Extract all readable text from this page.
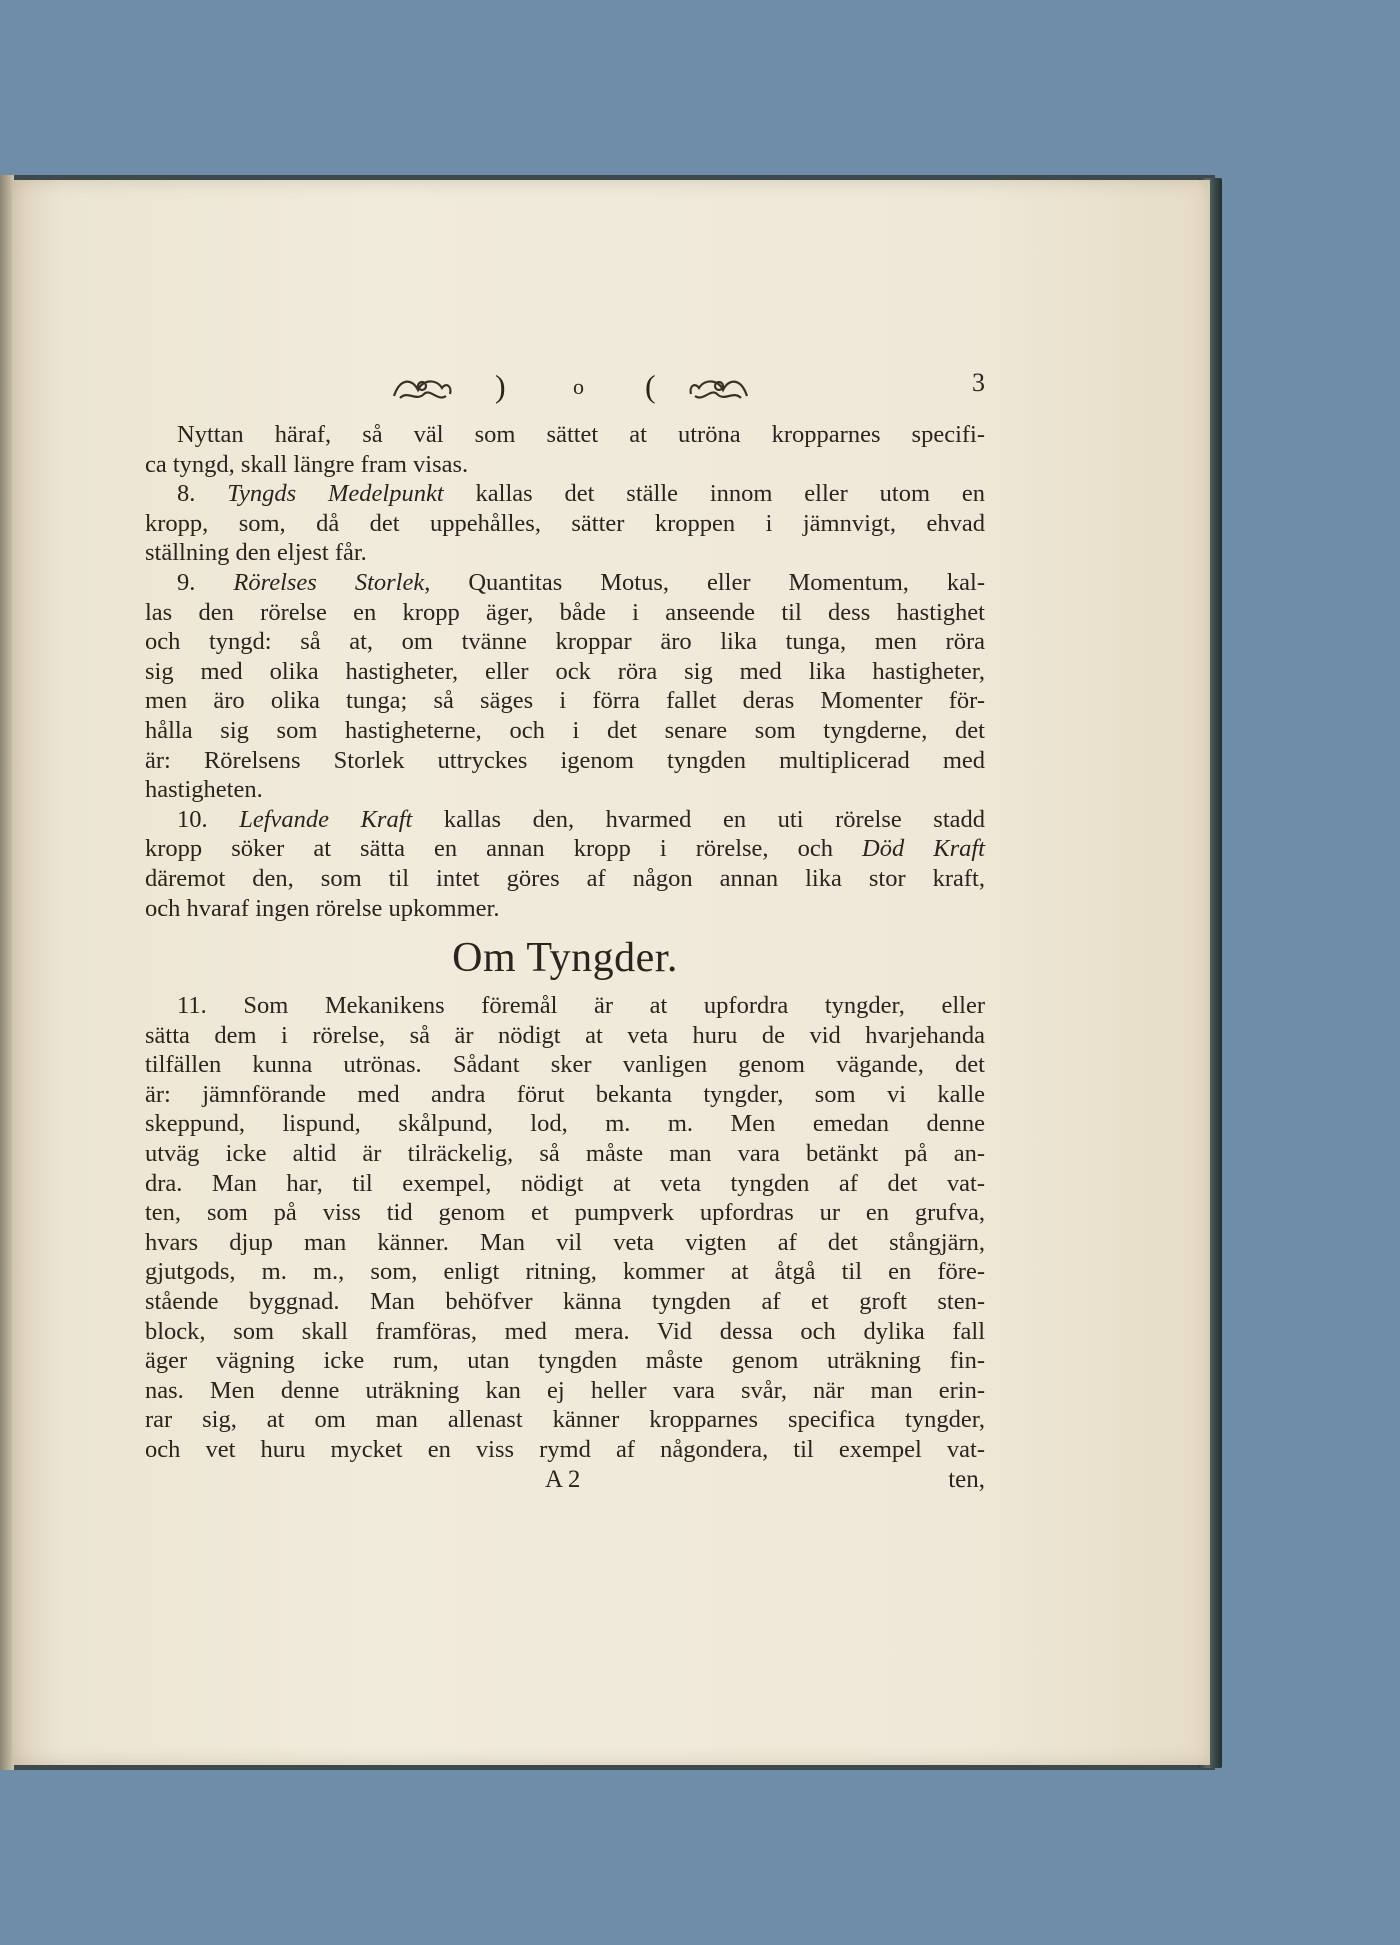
)	o (	3
Nyttan häraf, så väl som sättet at utröna kropparnes specifi-
ca tyngd, skall längre fram visas.
8. Tyngds Medelpunkt kallas det ställe innom eller utom en
kropp, som, då det uppehålles, sätter kroppen i jämnvigt, ehvad
ställning den eljest får.
9. Rörelses Storlek, Quantitas Motus, eller Momentum, kal-
las den rörelse en kropp äger, både i anseende til dess hastighet
och tyngd: så at, om tvänne kroppar äro lika tunga, men röra
sig med olika hastigheter, eller ock röra sig med lika hastigheter,
men äro olika tunga; så säges i förra fallet deras Momenter för-
hålla sig som hastigheterne, och i det senare som tyngderne, det
är: Rörelsens Storlek uttryckes igenom tyngden multiplicerad med
hastigheten.
10. Lefvande Kraft kallas den, hvarmed en uti rörelse stadd
kropp söker at sätta en annan kropp i rörelse, och Död Kraft
däremot den, som til intet göres af någon annan lika stor kraft,
och hvaraf ingen rörelse upkommer.
Om Tyngder.
11. Som Mekanikens föremål är at upfordra tyngder, eller
sätta dem i rörelse, så är nödigt at veta huru de vid hvarjehanda
tilfällen kunna utrönas. Sådant sker vanligen genom vägande, det
är: jämnförande med andra förut bekanta tyngder, som vi kalle
skeppund, lispund, skålpund, lod, m. m. Men emedan denne
utväg icke altid är tilräckelig, så måste man vara betänkt på an-
dra. Man har, til exempel, nödigt at veta tyngden af det vat-
ten, som på viss tid genom et pumpverk upfordras ur en grufva,
hvars djup man känner. Man vil veta vigten af det stångjärn,
gjutgods, m. m., som, enligt ritning, kommer at åtgå til en före-
stående byggnad. Man behöfver känna tyngden af et groft sten-
block, som skall framföras, med mera. Vid dessa och dylika fall
äger vägning icke rum, utan tyngden måste genom uträkning fin-
nas. Men denne uträkning kan ej heller vara svår, när man erin-
rar sig, at om man allenast känner kropparnes specifica tyngder,
och vet huru mycket en viss rymd af någondera, til exempel vat-
A 2	ten,
